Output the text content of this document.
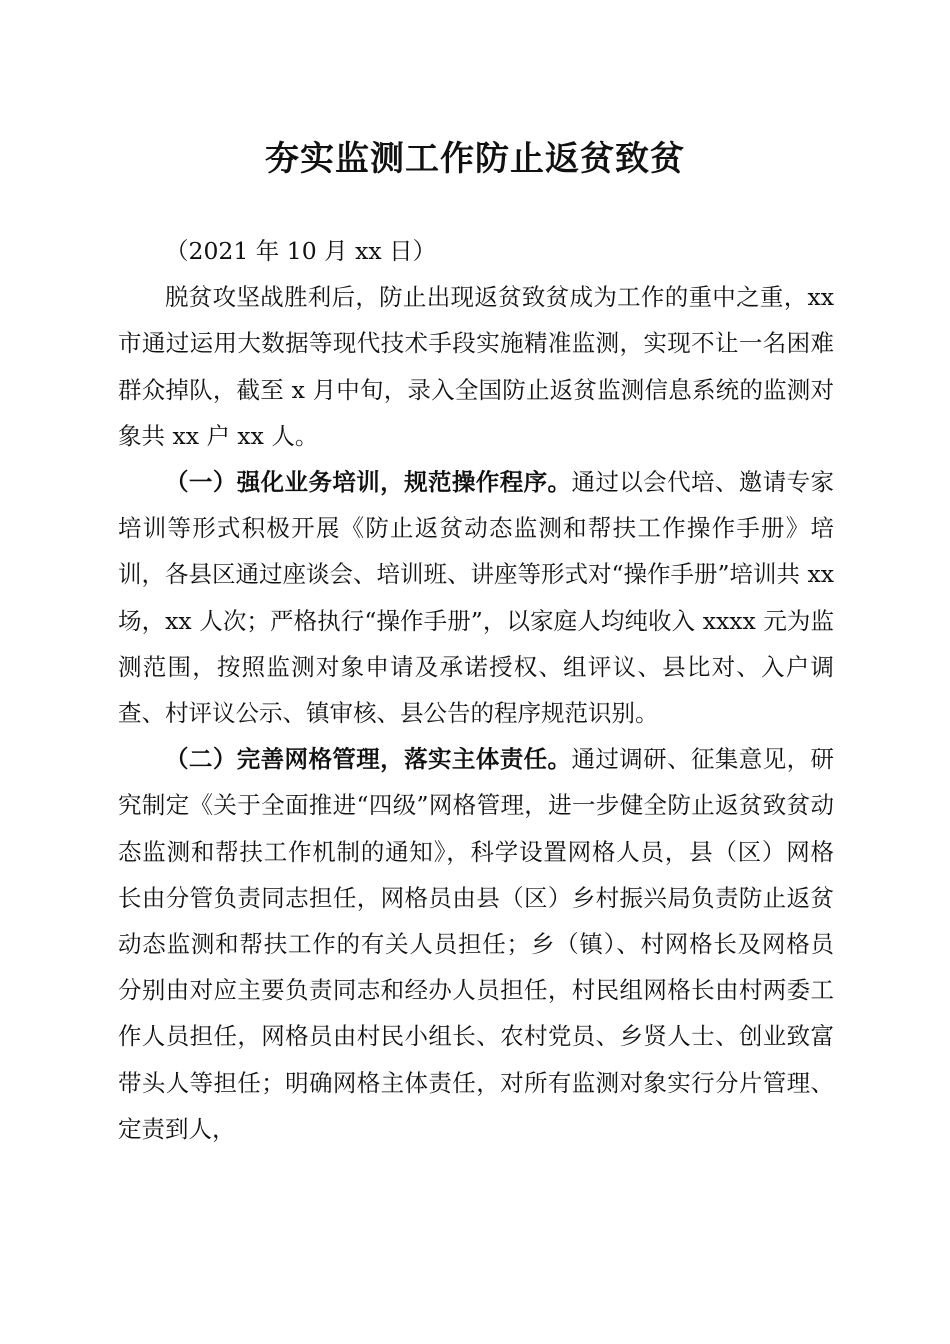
夯实监测工作防止返贫致贫

（2021 年 10 月 xx 日）

脱贫攻坚战胜利后，防止出现返贫致贫成为工作的重中之重，xx 市通过运用大数据等现代技术手段实施精准监测，实现不让一名困难群众掉队，截至 x 月中旬，录入全国防止返贫监测信息系统的监测对象共 xx 户 xx 人。

（一）强化业务培训，规范操作程序。通过以会代培、邀请专家培训等形式积极开展《防止返贫动态监测和帮扶工作操作手册》培训，各县区通过座谈会、培训班、讲座等形式对“操作手册”培训共 xx 场，xx 人次；严格执行“操作手册”，以家庭人均纯收入 xxxx 元为监测范围，按照监测对象申请及承诺授权、组评议、县比对、入户调查、村评议公示、镇审核、县公告的程序规范识别。

（二）完善网格管理，落实主体责任。通过调研、征集意见，研究制定《关于全面推进“四级”网格管理，进一步健全防止返贫致贫动态监测和帮扶工作机制的通知》，科学设置网格人员，县（区）网格长由分管负责同志担任，网格员由县（区）乡村振兴局负责防止返贫动态监测和帮扶工作的有关人员担任；乡（镇）、村网格长及网格员分别由对应主要负责同志和经办人员担任，村民组网格长由村两委工作人员担任，网格员由村民小组长、农村党员、乡贤人士、创业致富带头人等担任；明确网格主体责任，对所有监测对象实行分片管理、定责到人，
